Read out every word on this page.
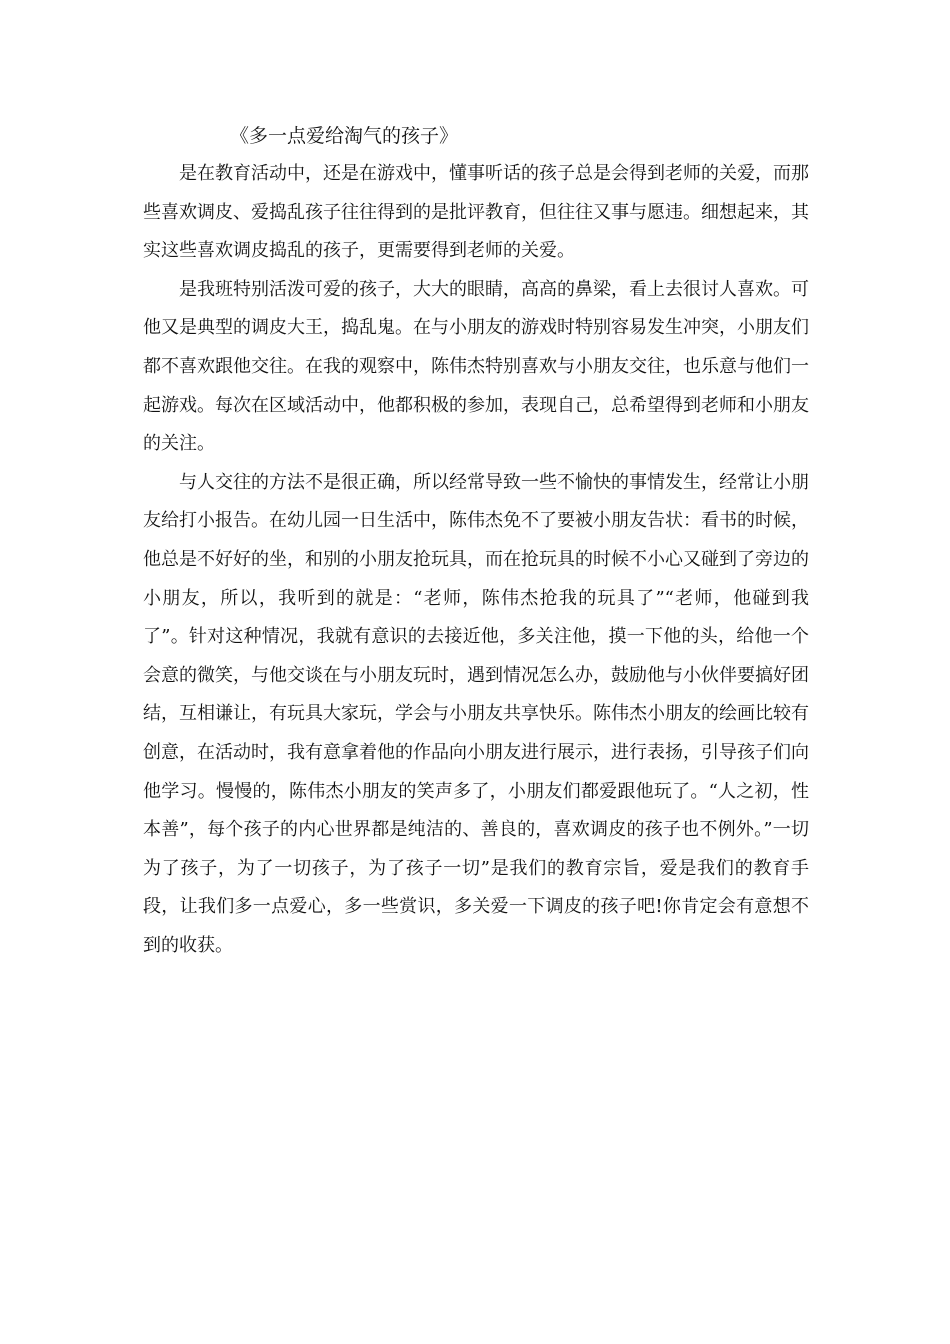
《多一点爱给淘气的孩子》

是在教育活动中，还是在游戏中，懂事听话的孩子总是会得到老师的关爱，而那些喜欢调皮、爱捣乱孩子往往得到的是批评教育，但往往又事与愿违。细想起来，其实这些喜欢调皮捣乱的孩子，更需要得到老师的关爱。

是我班特别活泼可爱的孩子，大大的眼睛，高高的鼻梁，看上去很讨人喜欢。可他又是典型的调皮大王，捣乱鬼。在与小朋友的游戏时特别容易发生冲突，小朋友们都不喜欢跟他交往。在我的观察中，陈伟杰特别喜欢与小朋友交往，也乐意与他们一起游戏。每次在区域活动中，他都积极的参加，表现自己，总希望得到老师和小朋友的关注。

与人交往的方法不是很正确，所以经常导致一些不愉快的事情发生，经常让小朋友给打小报告。在幼儿园一日生活中，陈伟杰免不了要被小朋友告状：看书的时候，他总是不好好的坐，和别的小朋友抢玩具，而在抢玩具的时候不小心又碰到了旁边的小朋友，所以，我听到的就是：“老师，陈伟杰抢我的玩具了”“老师，他碰到我了”。针对这种情况，我就有意识的去接近他，多关注他，摸一下他的头，给他一个会意的微笑，与他交谈在与小朋友玩时，遇到情况怎么办，鼓励他与小伙伴要搞好团结，互相谦让，有玩具大家玩，学会与小朋友共享快乐。陈伟杰小朋友的绘画比较有创意，在活动时，我有意拿着他的作品向小朋友进行展示，进行表扬，引导孩子们向他学习。慢慢的，陈伟杰小朋友的笑声多了，小朋友们都爱跟他玩了。“人之初，性本善”，每个孩子的内心世界都是纯洁的、善良的，喜欢调皮的孩子也不例外。”一切为了孩子，为了一切孩子，为了孩子一切”是我们的教育宗旨，爱是我们的教育手段，让我们多一点爱心，多一些赏识，多关爱一下调皮的孩子吧!你肯定会有意想不到的收获。
